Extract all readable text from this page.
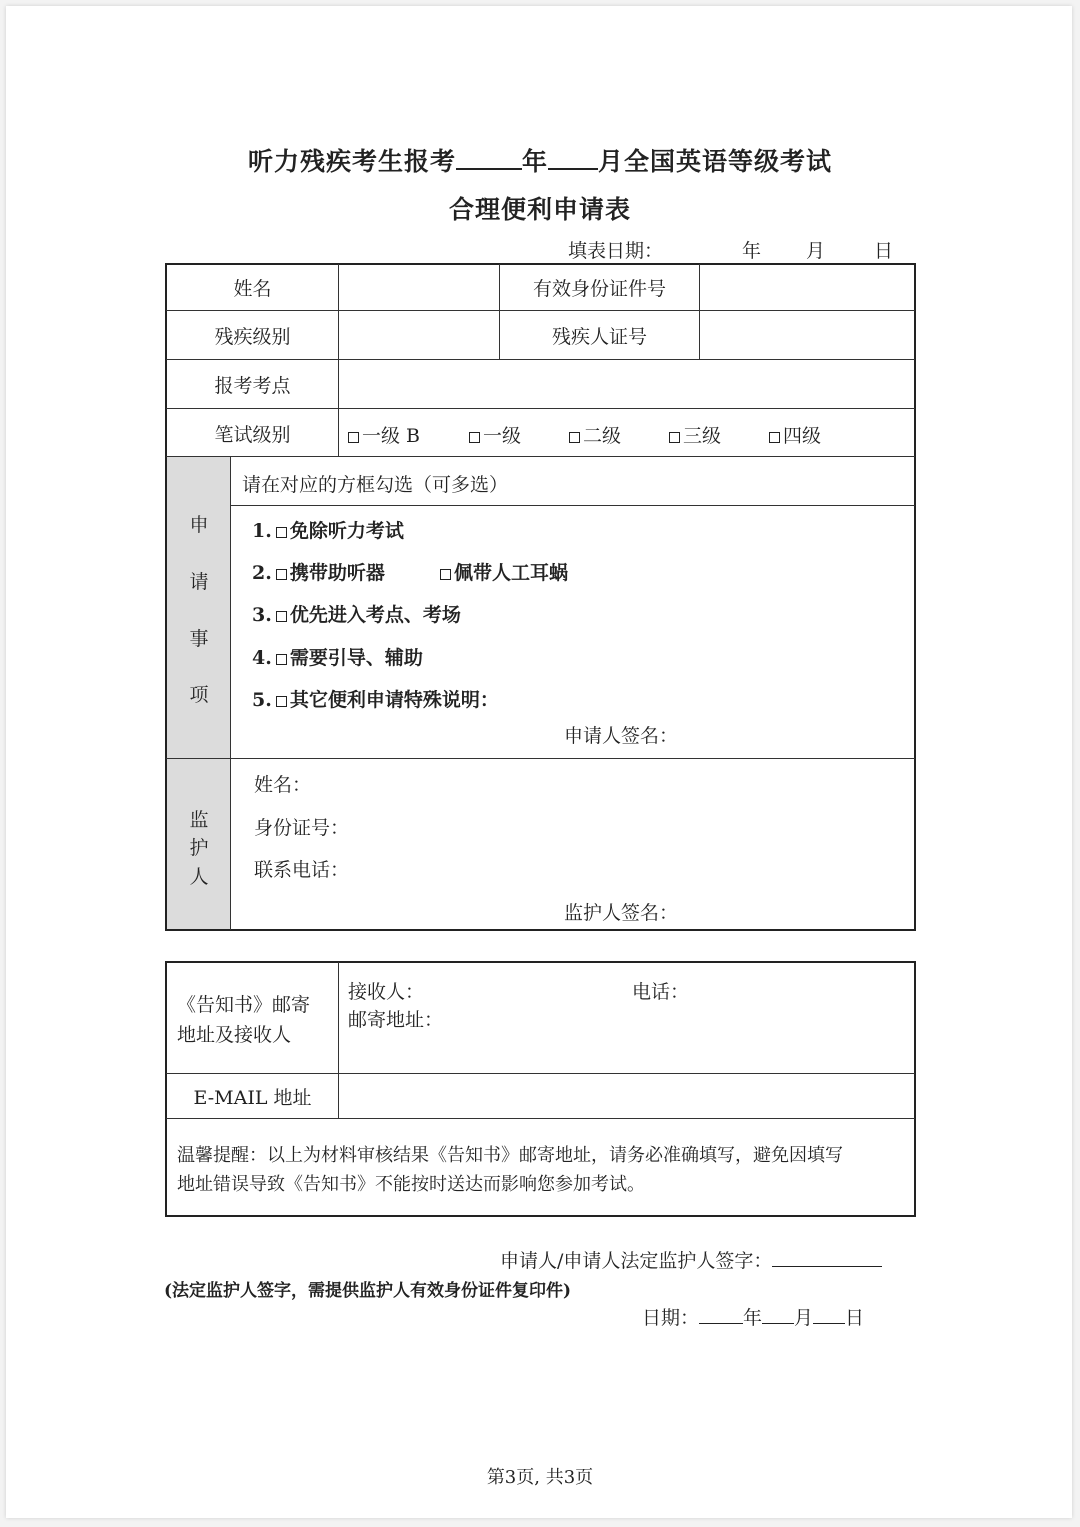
听力残疾考生报考	年 月全国英语等级考试
合理便利申请表
填表日期：	年 月	日
姓名	有效身份证件号
残疾级别	残疾人证号
报考考点
笔试级别	一级 B	一级	二级	三级	四级
申
请
事
项
请在对应的方框勾选（可多选）
1. 免除听力考试
2. 携带助听器	佩带人工耳蜗
3. 优先进入考点、考场
4. 需要引导、辅助
5. 其它便利申请特殊说明：
申请人签名：
监
护
人
姓名：
身份证号：
联系电话：
监护人签名：
《告知书》邮寄
地址及接收人
接收人：	电话：
邮寄地址：
E-MAIL 地址
温馨提醒：以上为材料审核结果《告知书》邮寄地址，请务必准确填写，避免因填写
地址错误导致《告知书》不能按时送达而影响您参加考试。
申请人/申请人法定监护人签字：
(法定监护人签字，需提供监护人有效身份证件复印件)
日期： 年 月 日
第3页, 共3页
